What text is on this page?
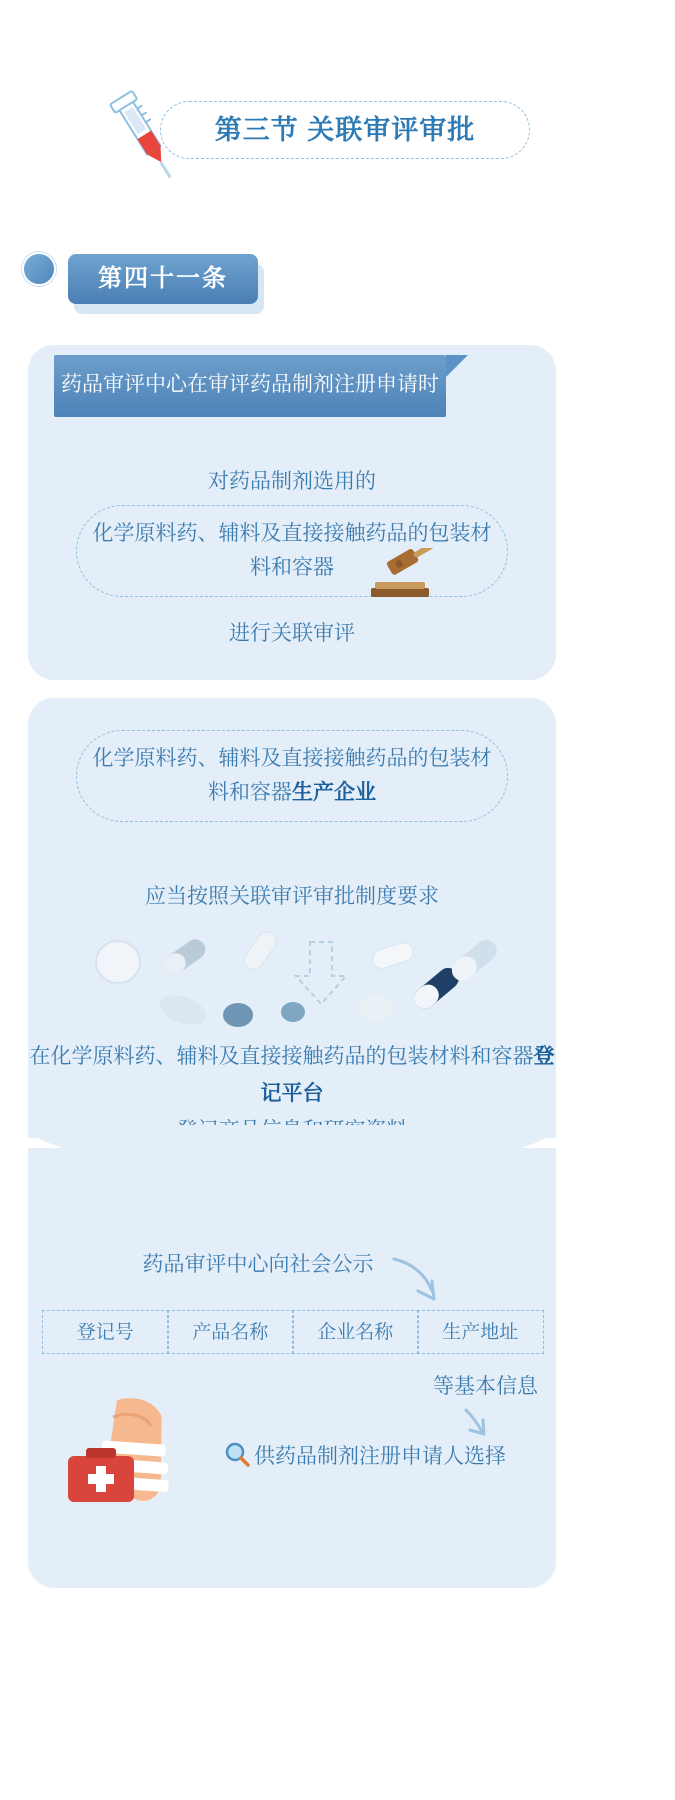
第三节 关联审评审批
第四十一条
药品审评中心在审评药品制剂注册申请时
对药品制剂选用的
化学原料药、辅料及直接接触药品的包装材料和容器
进行关联审评
化学原料药、辅料及直接接触药品的包装材料和容器生产企业
应当按照关联审评审批制度要求
在化学原料药、辅料及直接接触药品的包装材料和容器登记平台

药品审评中心向社会公示
登记号	产品名称	企业名称	生产地址
等基本信息
供药品制剂注册申请人选择
